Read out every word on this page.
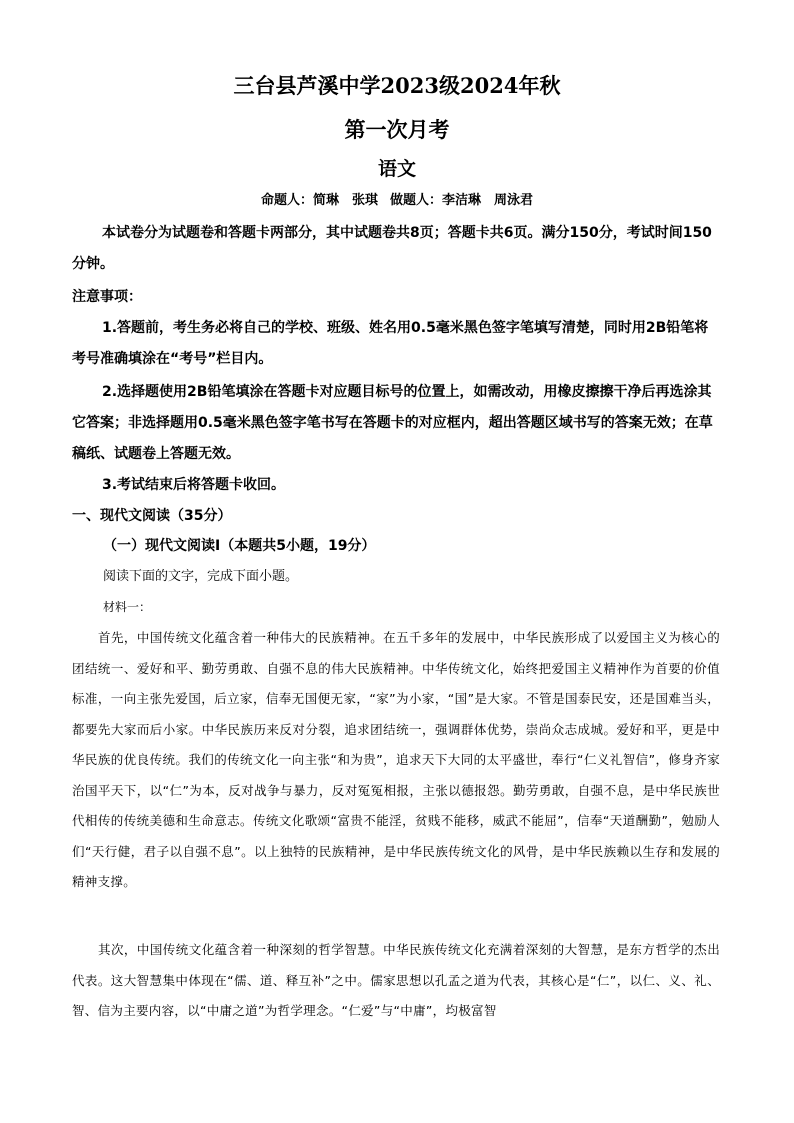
三台县芦溪中学2023级2024年秋
第一次月考
语文
命题人：简琳　张琪 做题人：李洁琳　周泳君
本试卷分为试题卷和答题卡两部分，其中试题卷共8页；答题卡共6页。满分150分，考试时间150分钟。
注意事项：
1.答题前，考生务必将自己的学校、班级、姓名用0.5毫米黑色签字笔填写清楚，同时用2B铅笔将考号准确填涂在“考号”栏目内。
2.选择题使用2B铅笔填涂在答题卡对应题目标号的位置上，如需改动，用橡皮擦擦干净后再选涂其它答案；非选择题用0.5毫米黑色签字笔书写在答题卡的对应框内，超出答题区域书写的答案无效；在草稿纸、试题卷上答题无效。
3.考试结束后将答题卡收回。
一、现代文阅读（35分）
（一）现代文阅读Ⅰ（本题共5小题，19分）
阅读下面的文字，完成下面小题。
材料一：
首先，中国传统文化蕴含着一种伟大的民族精神。在五千多年的发展中，中华民族形成了以爱国主义为核心的团结统一、爱好和平、勤劳勇敢、自强不息的伟大民族精神。中华传统文化，始终把爱国主义精神作为首要的价值标准，一向主张先爱国，后立家，信奉无国便无家，“家”为小家，“国”是大家。不管是国泰民安，还是国难当头，都要先大家而后小家。中华民族历来反对分裂，追求团结统一，强调群体优势，崇尚众志成城。爱好和平，更是中华民族的优良传统。我们的传统文化一向主张“和为贵”，追求天下大同的太平盛世，奉行“仁义礼智信”，修身齐家治国平天下，以“仁”为本，反对战争与暴力，反对冤冤相报，主张以德报怨。勤劳勇敢，自强不息，是中华民族世代相传的传统美德和生命意志。传统文化歌颂“富贵不能淫，贫贱不能移，威武不能屈”，信奉“天道酬勤”，勉励人们“天行健，君子以自强不息”。以上独特的民族精神，是中华民族传统文化的风骨，是中华民族赖以生存和发展的精神支撑。
其次，中国传统文化蕴含着一种深刻的哲学智慧。中华民族传统文化充满着深刻的大智慧，是东方哲学的杰出代表。这大智慧集中体现在“儒、道、释互补”之中。儒家思想以孔孟之道为代表，其核心是“仁”，以仁、义、礼、智、信为主要内容，以“中庸之道”为哲学理念。“仁爱”与“中庸”，均极富智
